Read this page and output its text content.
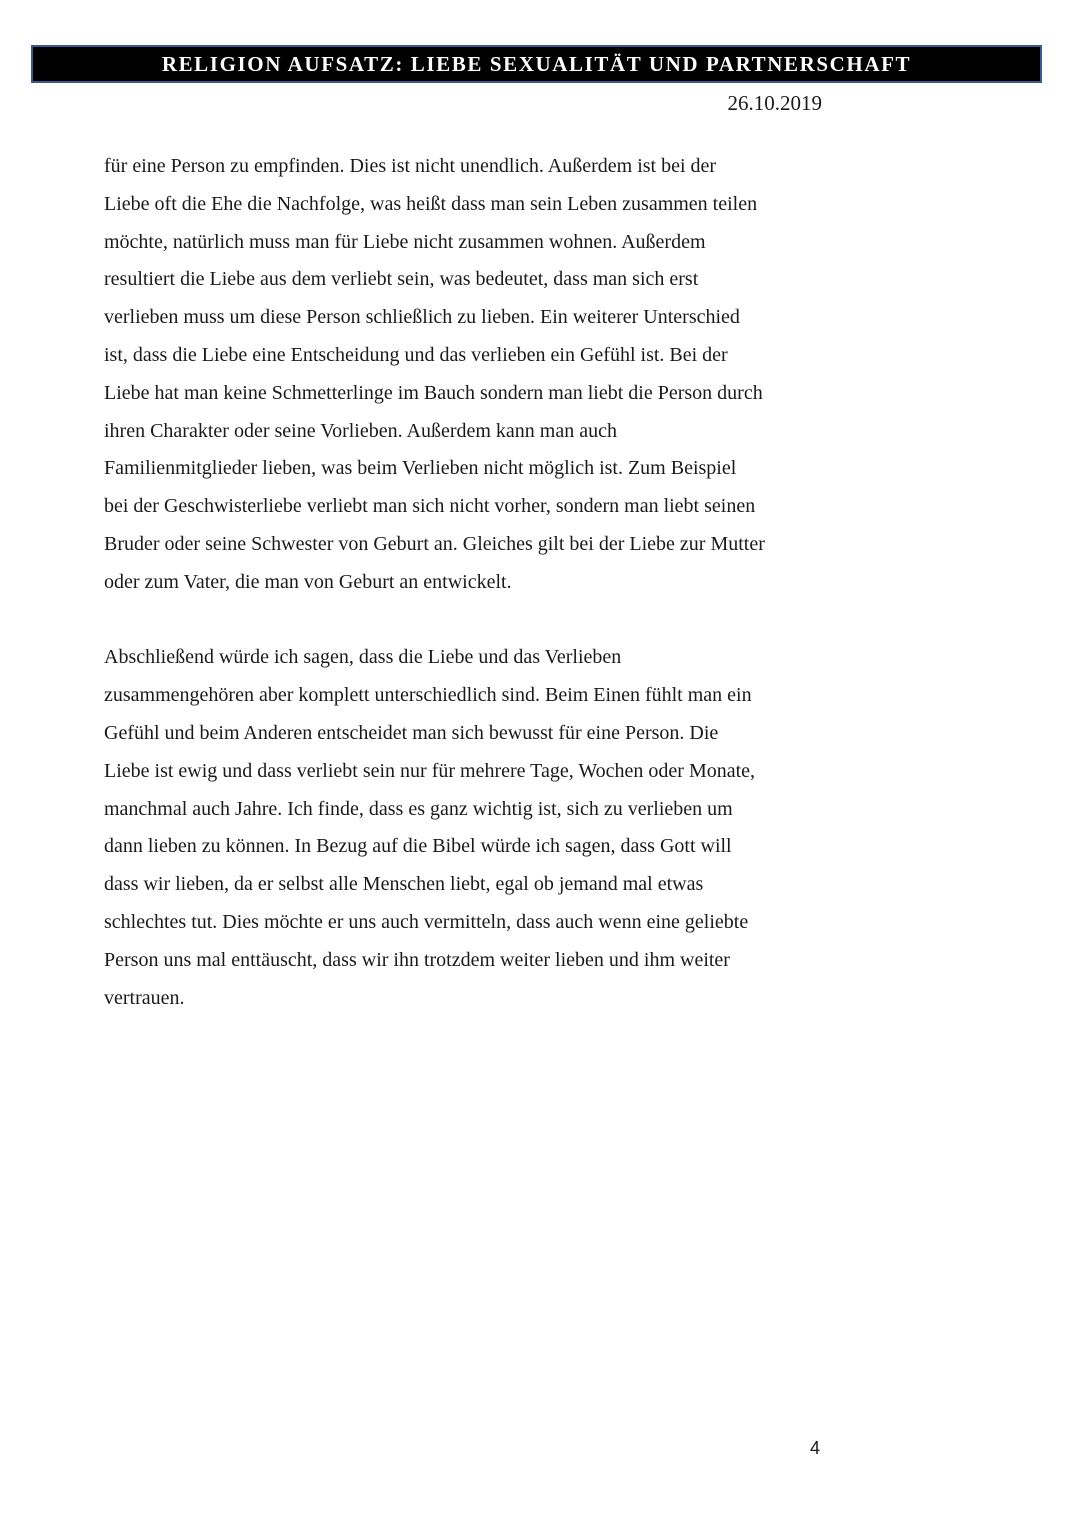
RELIGION AUFSATZ: LIEBE SEXUALITÄT UND PARTNERSCHAFT
26.10.2019

für eine Person zu empfinden. Dies ist nicht unendlich. Außerdem ist bei der
Liebe oft die Ehe die Nachfolge, was heißt dass man sein Leben zusammen teilen
möchte, natürlich muss man für Liebe nicht zusammen wohnen. Außerdem
resultiert die Liebe aus dem verliebt sein, was bedeutet, dass man sich erst
verlieben muss um diese Person schließlich zu lieben. Ein weiterer Unterschied
ist, dass die Liebe eine Entscheidung und das verlieben ein Gefühl ist. Bei der
Liebe hat man keine Schmetterlinge im Bauch sondern man liebt die Person durch
ihren Charakter oder seine Vorlieben. Außerdem kann man auch
Familienmitglieder lieben, was beim Verlieben nicht möglich ist. Zum Beispiel
bei der Geschwisterliebe verliebt man sich nicht vorher, sondern man liebt seinen
Bruder oder seine Schwester von Geburt an. Gleiches gilt bei der Liebe zur Mutter
oder zum Vater, die man von Geburt an entwickelt.

Abschließend würde ich sagen, dass die Liebe und das Verlieben
zusammengehören aber komplett unterschiedlich sind. Beim Einen fühlt man ein
Gefühl und beim Anderen entscheidet man sich bewusst für eine Person. Die
Liebe ist ewig und dass verliebt sein nur für mehrere Tage, Wochen oder Monate,
manchmal auch Jahre. Ich finde, dass es ganz wichtig ist, sich zu verlieben um
dann lieben zu können. In Bezug auf die Bibel würde ich sagen, dass Gott will
dass wir lieben, da er selbst alle Menschen liebt, egal ob jemand mal etwas
schlechtes tut. Dies möchte er uns auch vermitteln, dass auch wenn eine geliebte
Person uns mal enttäuscht, dass wir ihn trotzdem weiter lieben und ihm weiter
vertrauen.

4
